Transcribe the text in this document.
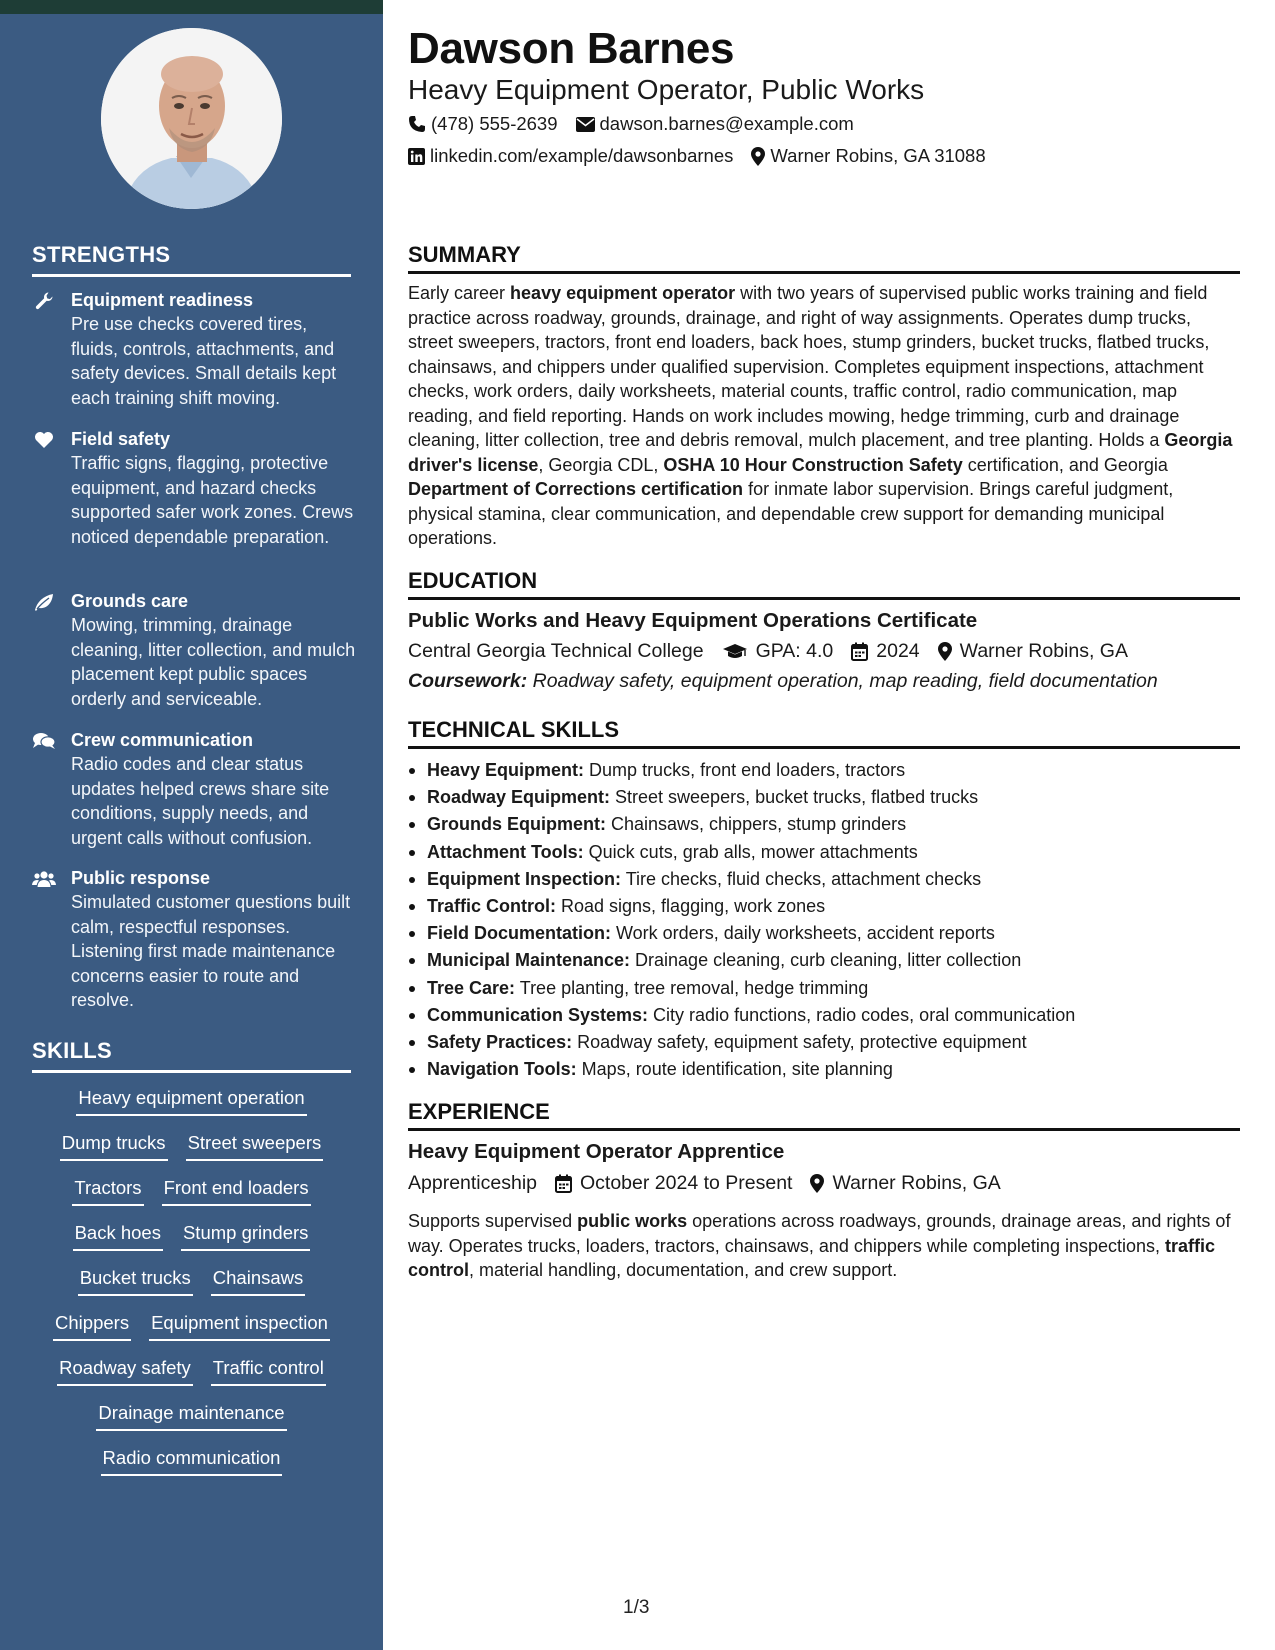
STRENGTHS
Equipment readiness
Pre use checks covered tires, fluids, controls, attachments, and safety devices. Small details kept each training shift moving.
Field safety
Traffic signs, flagging, protective equipment, and hazard checks supported safer work zones. Crews noticed dependable preparation.
Grounds care
Mowing, trimming, drainage cleaning, litter collection, and mulch placement kept public spaces orderly and serviceable.
Crew communication
Radio codes and clear status updates helped crews share site conditions, supply needs, and urgent calls without confusion.
Public response
Simulated customer questions built calm, respectful responses. Listening first made maintenance concerns easier to route and resolve.
SKILLS
Heavy equipment operation
Dump trucks Street sweepers
Tractors Front end loaders
Back hoes Stump grinders
Bucket trucks Chainsaws
Chippers Equipment inspection
Roadway safety Traffic control
Drainage maintenance
Radio communication
Dawson Barnes
Heavy Equipment Operator, Public Works
(478) 555-2639 dawson.barnes@example.com
linkedin.com/example/dawsonbarnes Warner Robins, GA 31088
SUMMARY

Early career heavy equipment operator with two years of supervised public works training and field practice across roadway, grounds, drainage, and right of way assignments. Operates dump trucks, street sweepers, tractors, front end loaders, back hoes, stump grinders, bucket trucks, flatbed trucks, chainsaws, and chippers under qualified supervision. Completes equipment inspections, attachment checks, work orders, daily worksheets, material counts, traffic control, radio communication, map reading, and field reporting. Hands on work includes mowing, hedge trimming, curb and drainage cleaning, litter collection, tree and debris removal, mulch placement, and tree planting. Holds a Georgia driver's license, Georgia CDL, OSHA 10 Hour Construction Safety certification, and Georgia Department of Corrections certification for inmate labor supervision. Brings careful judgment, physical stamina, clear communication, and dependable crew support for demanding municipal operations.

EDUCATION
Public Works and Heavy Equipment Operations Certificate
Central Georgia Technical College	GPA: 4.0 2024 Warner Robins, GA
Coursework: Roadway safety, equipment operation, map reading, field documentation
TECHNICAL SKILLS
Heavy Equipment: Dump trucks, front end loaders, tractors
Roadway Equipment: Street sweepers, bucket trucks, flatbed trucks
Grounds Equipment: Chainsaws, chippers, stump grinders
Attachment Tools: Quick cuts, grab alls, mower attachments
Equipment Inspection: Tire checks, fluid checks, attachment checks
Traffic Control: Road signs, flagging, work zones
Field Documentation: Work orders, daily worksheets, accident reports
Municipal Maintenance: Drainage cleaning, curb cleaning, litter collection
Tree Care: Tree planting, tree removal, hedge trimming
Communication Systems: City radio functions, radio codes, oral communication
Safety Practices: Roadway safety, equipment safety, protective equipment
Navigation Tools: Maps, route identification, site planning
EXPERIENCE
Heavy Equipment Operator Apprentice
Apprenticeship October 2024 to Present Warner Robins, GA

Supports supervised public works operations across roadways, grounds, drainage areas, and rights of way. Operates trucks, loaders, tractors, chainsaws, and chippers while completing inspections, traffic control, material handling, documentation, and crew support.

1/3
